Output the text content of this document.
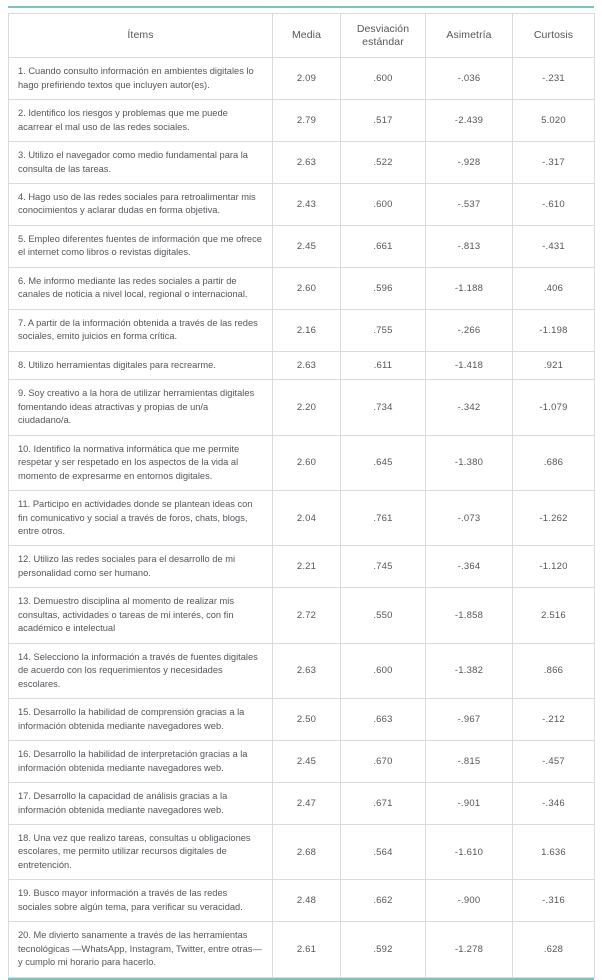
Ítems	Media	Desviación estándar	Asimetría	Curtosis
1. Cuando consulto información en ambientes digitales lo hago prefiriendo textos que incluyen autor(es).	2.09	.600	-.036	-.231
2. Identifico los riesgos y problemas que me puede acarrear el mal uso de las redes sociales.	2.79	.517	-2.439	5.020
3. Utilizo el navegador como medio fundamental para la consulta de las tareas.	2.63	.522	-.928	-.317
4. Hago uso de las redes sociales para retroalimentar mis conocimientos y aclarar dudas en forma objetiva.	2.43	.600	-.537	-.610
5. Empleo diferentes fuentes de información que me ofrece el internet como libros o revistas digitales.	2.45	.661	-.813	-.431
6. Me informo mediante las redes sociales a partir de canales de noticia a nivel local, regional o internacional.	2.60	.596	-1.188	.406
7. A partir de la información obtenida a través de las redes sociales, emito juicios en forma crítica.	2.16	.755	-.266	-1.198
8. Utilizo herramientas digitales para recrearme.	2.63	.611	-1.418	.921
9. Soy creativo a la hora de utilizar herramientas digitales fomentando ideas atractivas y propias de un/a ciudadano/a.	2.20	.734	-.342	-1.079
10. Identifico la normativa informática que me permite respetar y ser respetado en los aspectos de la vida al momento de expresarme en entornos digitales.	2.60	.645	-1.380	.686
11. Participo en actividades donde se plantean ideas con fin comunicativo y social a través de foros, chats, blogs, entre otros.	2.04	.761	-.073	-1.262
12. Utilizo las redes sociales para el desarrollo de mi personalidad como ser humano.	2.21	.745	-.364	-1.120
13. Demuestro disciplina al momento de realizar mis consultas, actividades o tareas de mi interés, con fin académico e intelectual	2.72	.550	-1.858	2.516
14. Selecciono la información a través de fuentes digitales de acuerdo con los requerimientos y necesidades escolares.	2.63	.600	-1.382	.866
15. Desarrollo la habilidad de comprensión gracias a la información obtenida mediante navegadores web.	2.50	.663	-.967	-.212
16. Desarrollo la habilidad de interpretación gracias a la información obtenida mediante navegadores web.	2.45	.670	-.815	-.457
17. Desarrollo la capacidad de análisis gracias a la información obtenida mediante navegadores web.	2.47	.671	-.901	-.346
18. Una vez que realizo tareas, consultas u obligaciones escolares, me permito utilizar recursos digitales de entretención.	2.68	.564	-1.610	1.636
19. Busco mayor información a través de las redes sociales sobre algún tema, para verificar su veracidad.	2.48	.662	-.900	-.316
20. Me divierto sanamente a través de las herramientas tecnológicas —WhatsApp, Instagram, Twitter, entre otras— y cumplo mi horario para hacerlo.	2.61	.592	-1.278	.628
